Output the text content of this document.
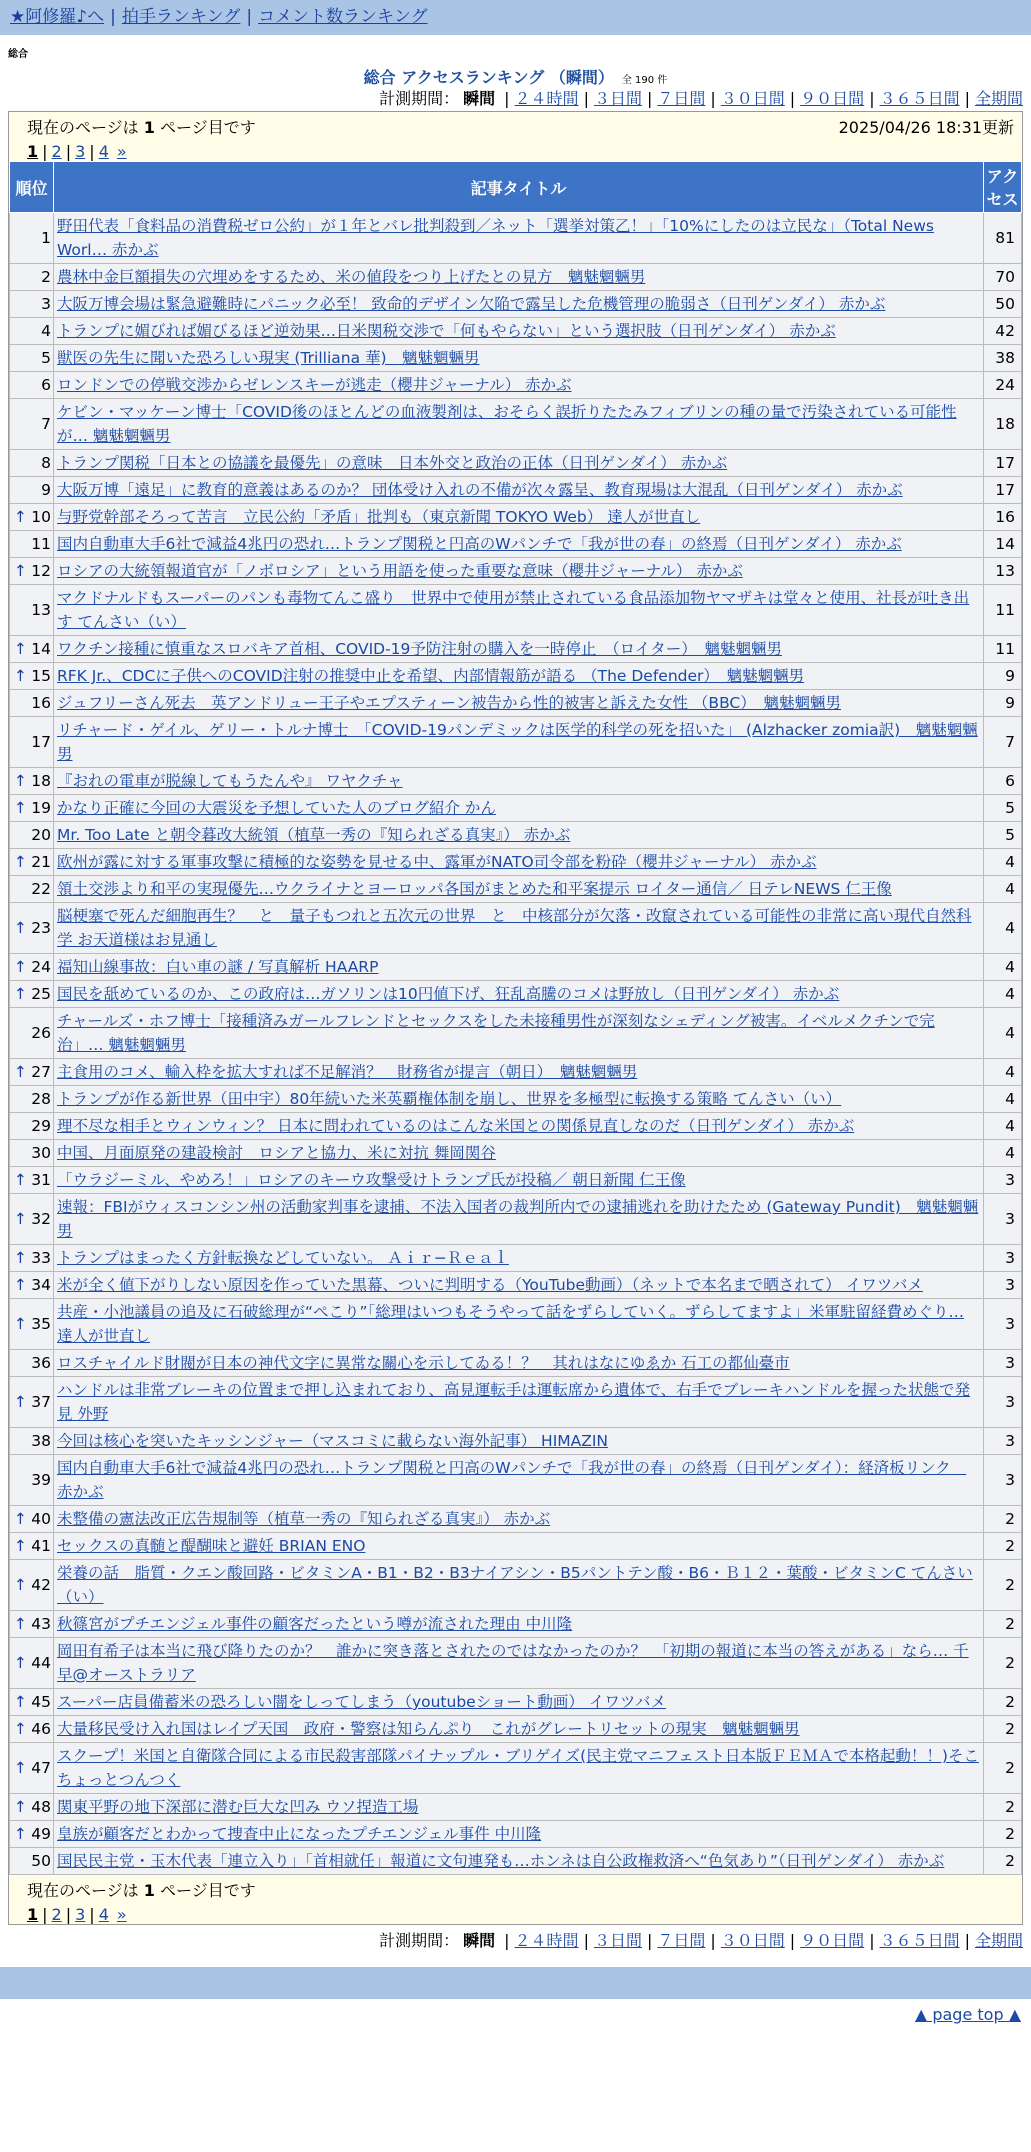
★阿修羅♪へ | 拍手ランキング | コメント数ランキング
総合
総合 アクセスランキング （瞬間） 全 190 件
計測期間： 瞬間 | ２４時間 | ３日間 | ７日間 | ３０日間 | ９０日間 | ３６５日間 | 全期間
現在のページは 1 ページ目です	2025/04/26 18:31更新
1 | 2 | 3 | 4 »
順位	記事タイトル	アクセス
1	野田代表「食料品の消費税ゼロ公約」が１年とバレ批判殺到／ネット「選挙対策乙！」「10%にしたのは立民な」（Total News Worl… 赤かぶ	81
2	農林中金巨額損失の穴埋めをするため、米の値段をつり上げたとの見方　魑魅魍魎男	70
3	大阪万博会場は緊急避難時にパニック必至！ 致命的デザイン欠陥で露呈した危機管理の脆弱さ（日刊ゲンダイ） 赤かぶ	50
4	トランプに媚びれば媚びるほど逆効果…日米関税交渉で「何もやらない」という選択肢（日刊ゲンダイ） 赤かぶ	42
5	獣医の先生に聞いた恐ろしい現実 (Trilliana 華)　魑魅魍魎男	38
6	ロンドンでの停戦交渉からゼレンスキーが逃走（櫻井ジャーナル） 赤かぶ	24
7	ケビン・マッケーン博士「COVID後のほとんどの血液製剤は、おそらく誤折りたたみフィブリンの種の量で汚染されている可能性が… 魑魅魍魎男	18
8	トランプ関税「日本との協議を最優先」の意味　日本外交と政治の正体（日刊ゲンダイ） 赤かぶ	17
9	大阪万博「遠足」に教育的意義はあるのか？ 団体受け入れの不備が次々露呈、教育現場は大混乱（日刊ゲンダイ） 赤かぶ	17

↑ 10	与野党幹部そろって苦言　立民公約「矛盾」批判も（東京新聞 TOKYO Web） 達人が世直し	16
11	国内自動車大手6社で減益4兆円の恐れ…トランプ関税と円高のWパンチで「我が世の春」の終焉（日刊ゲンダイ） 赤かぶ	14

↑ 12	ロシアの大統領報道官が「ノボロシア」という用語を使った重要な意味（櫻井ジャーナル） 赤かぶ	13
13	マクドナルドもスーパーのパンも毒物てんこ盛り　世界中で使用が禁止されている食品添加物ヤマザキは堂々と使用、社長が吐き出す てんさい（い）	11

↑ 14	ワクチン接種に慎重なスロバキア首相、COVID-19予防注射の購入を一時停止　（ロイター）　魑魅魍魎男	11

↑ 15	RFK Jr.、CDCに子供へのCOVID注射の推奨中止を希望、内部情報筋が語る （The Defender）　魑魅魍魎男	9
16	ジュフリーさん死去　英アンドリュー王子やエプスティーン被告から性的被害と訴えた女性 （BBC）　魑魅魍魎男	9
17	リチャード・ゲイル、ゲリー・トルナ博士　「COVID-19パンデミックは医学的科学の死を招いた」 (Alzhacker zomia訳)　魑魅魍魎男	7

↑ 18	『おれの電車が脱線してもうたんや』 ワヤクチャ	6

↑ 19	かなり正確に今回の大震災を予想していた人のブログ紹介 かん	5
20	Mr. Too Late と朝令暮改大統領（植草一秀の『知られざる真実』） 赤かぶ	5

↑ 21	欧州が露に対する軍事攻撃に積極的な姿勢を見せる中、露軍がNATO司令部を粉砕（櫻井ジャーナル） 赤かぶ	4
22	領土交渉より和平の実現優先…ウクライナとヨーロッパ各国がまとめた和平案提示 ロイター通信／ 日テレNEWS 仁王像	4

↑ 23	脳梗塞で死んだ細胞再生？　と　量子もつれと五次元の世界　と　中核部分が欠落・改竄されている可能性の非常に高い現代自然科学 お天道様はお見通し	4

↑ 24	福知山線事故：白い車の謎 / 写真解析 HAARP	4

↑ 25	国民を舐めているのか、この政府は…ガソリンは10円値下げ、狂乱高騰のコメは野放し（日刊ゲンダイ） 赤かぶ	4
26	チャールズ・ホフ博士「接種済みガールフレンドとセックスをした未接種男性が深刻なシェディング被害。イベルメクチンで完治」… 魑魅魍魎男	4

↑ 27	主食用のコメ、輸入枠を拡大すれば不足解消？　財務省が提言（朝日）　魑魅魍魎男	4
28	トランプが作る新世界（田中宇）80年続いた米英覇権体制を崩し、世界を多極型に転換する策略 てんさい（い）	4
29	理不尽な相手とウィンウィン？ 日本に問われているのはこんな米国との関係見直しなのだ（日刊ゲンダイ） 赤かぶ	4
30	中国、月面原発の建設検討　ロシアと協力、米に対抗 舞岡関谷	4

↑ 31	「ウラジーミル、やめろ！」ロシアのキーウ攻撃受けトランプ氏が投稿／ 朝日新聞 仁王像	3

↑ 32	速報：FBIがウィスコンシン州の活動家判事を逮捕、不法入国者の裁判所内での逮捕逃れを助けたため (Gateway Pundit)　魑魅魍魎男	3

↑ 33	トランプはまったく方針転換などしていない。 Ａｉｒ−Ｒｅａｌ	3

↑ 34	米が全く値下がりしない原因を作っていた黒幕、ついに判明する（YouTube動画）（ネットで本名まで晒されて） イワツバメ	3

↑ 35	共産・小池議員の追及に石破総理が“ぺこり”「総理はいつもそうやって話をずらしていく。ずらしてますよ」米軍駐留経費めぐり… 達人が世直し	3
36	ロスチャイルド財閥が日本の神代文字に異常な關心を示してゐる！？　其れはなにゆゑか 石工の都仙臺市	3

↑ 37	ハンドルは非常ブレーキの位置まで押し込まれており、高見運転手は運転席から遺体で、右手でブレーキハンドルを握った状態で発見 外野	3
38	今回は核心を突いたキッシンジャー（マスコミに載らない海外記事） HIMAZIN	3
39	国内自動車大手6社で減益4兆円の恐れ…トランプ関税と円高のWパンチで「我が世の春」の終焉（日刊ゲンダイ）：経済板リンク　赤かぶ	3

↑ 40	未整備の憲法改正広告規制等（植草一秀の『知られざる真実』） 赤かぶ	2

↑ 41	セックスの真髄と醍醐味と避妊 BRIAN ENO	2

↑ 42	栄養の話　脂質・クエン酸回路・ビタミンA・B1・B2・B3ナイアシン・B5パントテン酸・B6・Ｂ１２・葉酸・ビタミンC てんさい（い）	2

↑ 43	秋篠宮がプチエンジェル事件の顧客だったという噂が流された理由 中川隆	2

↑ 44	岡田有希子は本当に飛び降りたのか？　誰かに突き落とされたのではなかったのか？　「初期の報道に本当の答えがある」なら… 千早@オーストラリア	2

↑ 45	スーパー店員備蓄米の恐ろしい闇をしってしまう（youtubeショート動画） イワツバメ	2

↑ 46	大量移民受け入れ国はレイプ天国　政府・警察は知らんぷり　これがグレートリセットの現実　魑魅魍魎男	2

↑ 47	スクープ！米国と自衛隊合同による市民殺害部隊パイナップル・ブリゲイズ(民主党マニフェスト日本版ＦＥＭＡで本格起動！！)そこちょっとつんつく	2

↑ 48	関東平野の地下深部に潜む巨大な凹み ウソ捏造工場	2

↑ 49	皇族が顧客だとわかって捜査中止になったプチエンジェル事件 中川隆	2
50	国民民主党・玉木代表「連立入り」「首相就任」報道に文句連発も…ホンネは自公政権救済へ“色気あり”（日刊ゲンダイ） 赤かぶ	2
現在のページは 1 ページ目です
1 | 2 | 3 | 4 »
計測期間： 瞬間 | ２４時間 | ３日間 | ７日間 | ３０日間 | ９０日間 | ３６５日間 | 全期間
▲ page top ▲
